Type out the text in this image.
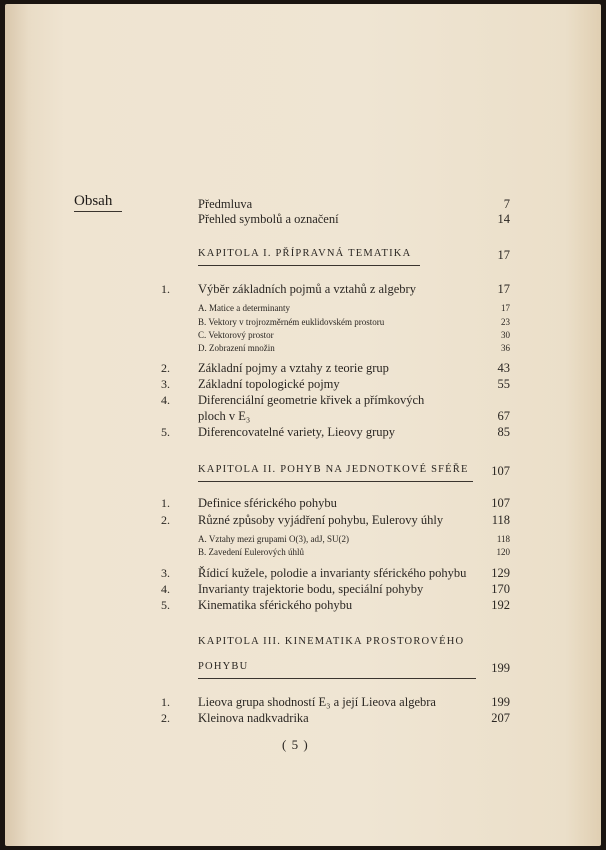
Obsah	Předmluva	7
Přehled symbolů a označení	14
KAPITOLA I. PŘÍPRAVNÁ TEMATIKA	17
1. Výběr základních pojmů a vztahů z algebry	17
A. Matice a determinanty	17
B. Vektory v trojrozměrném euklidovském prostoru	23
C. Vektorový prostor	30
D. Zobrazení množin	36
2. Základní pojmy a vztahy z teorie grup	43
3. Základní topologické pojmy	55
4. Diferenciální geometrie křivek a přímkových
ploch v E₃	67
5. Diferencovatelné variety, Lieovy grupy	85
KAPITOLA II. POHYB NA JEDNOTKOVÉ SFÉŘE 107
1. Definice sférického pohybu	107
2. Různé způsoby vyjádření pohybu, Eulerovy úhly	118
A. Vztahy mezi grupami O(3), adJ, SU(2)	118
B. Zavedení Eulerových úhlů	120
3. Řídicí kužele, polodie a invarianty sférického pohybu 129
4. Invarianty trajektorie bodu, speciální pohyby	170
5. Kinematika sférického pohybu	192
KAPITOLA III. KINEMATIKA PROSTOROVÉHO
POHYBU	199
1. Lieova grupa shodností E₃ a její Lieova algebra	199
2. Kleinova nadkvadrika	207
( 5 )
